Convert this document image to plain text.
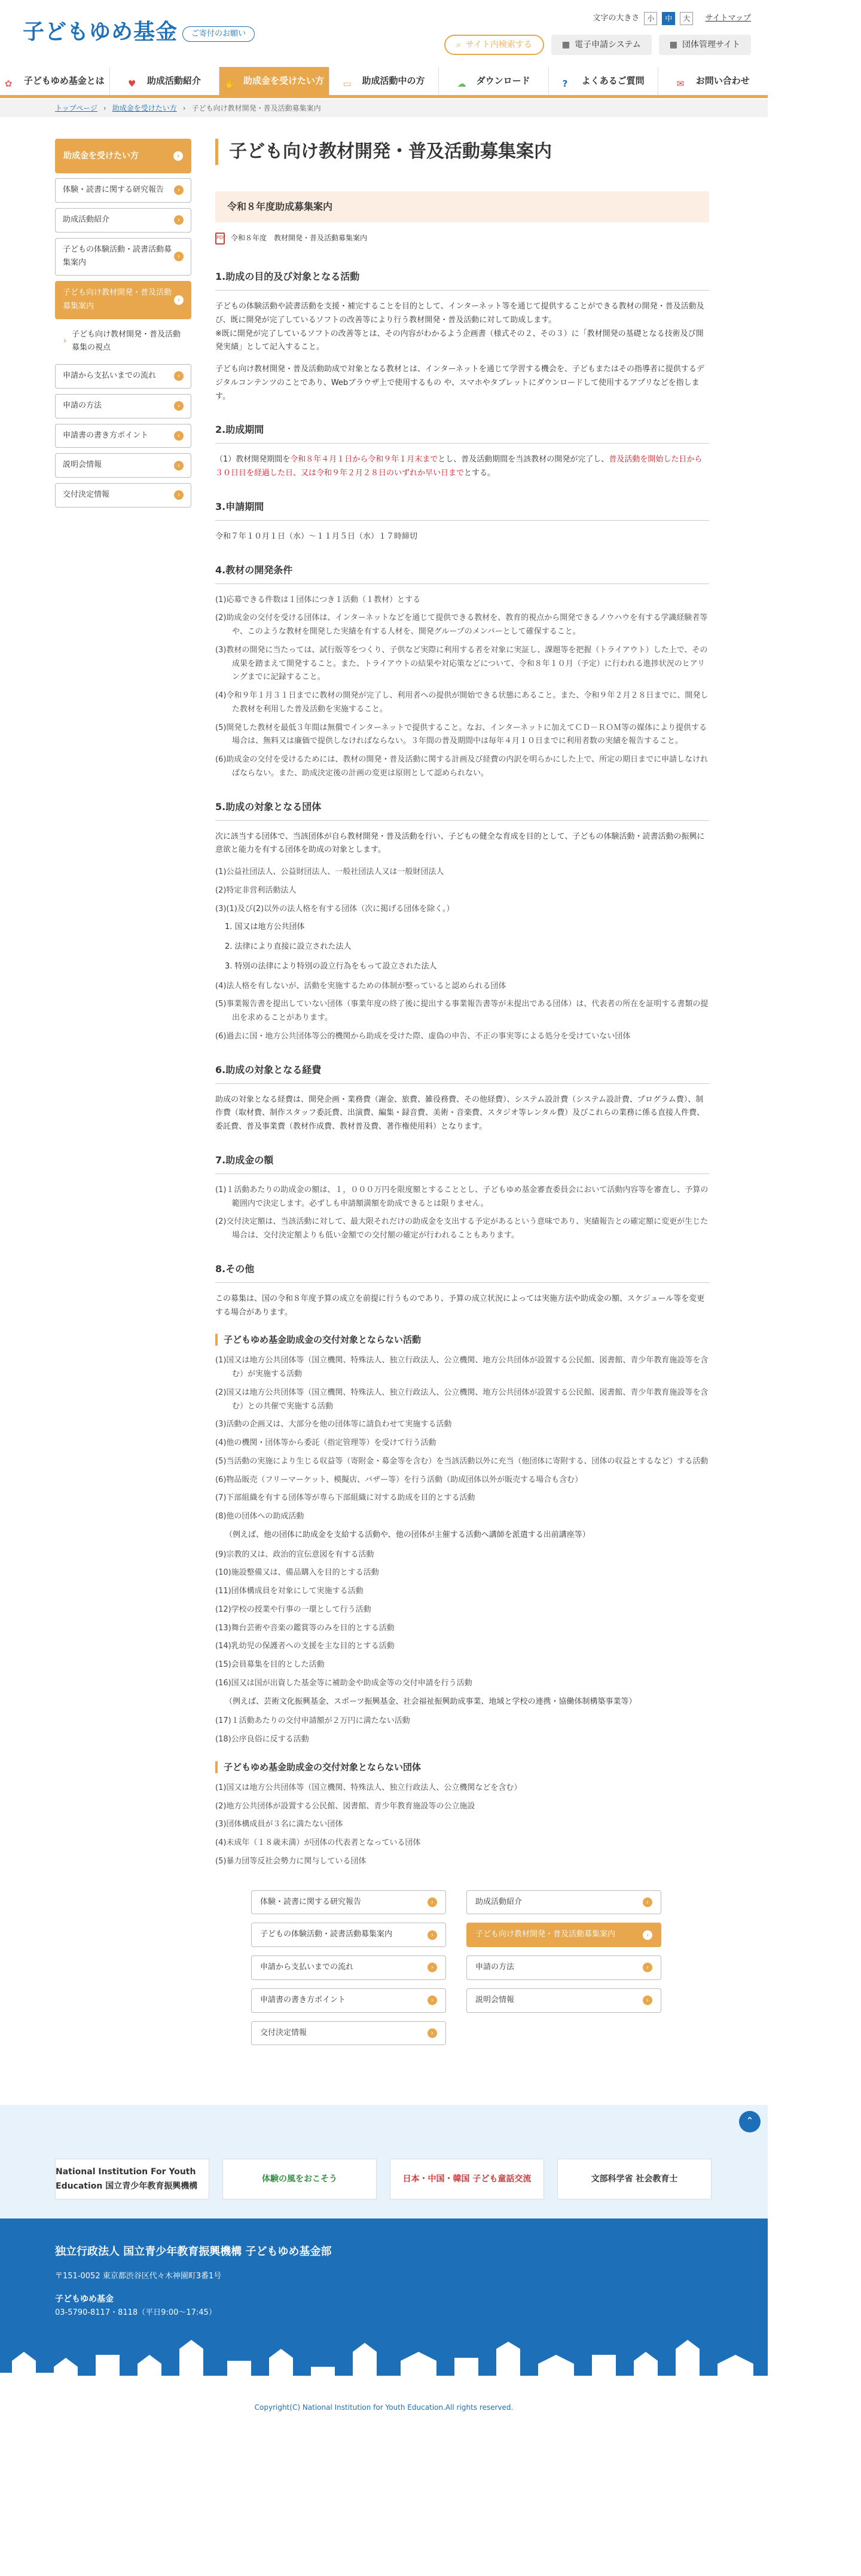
子どもゆめ基金	ご寄付のお願い
文字の大きさ	小	中	大	サイトマップ
⌕ サイト内検索する	▦ 電子申請システム	▦ 団体管理サイト
✿	子どもゆめ基金とは	♥	助成活動紹介	✋ 助成金を受けたい方 ▭	助成活動中の方	☁	ダウンロード	?	よくあるご質問	✉	お問い合わせ
トップページ › 助成金を受けたい方 › 子ども向け教材開発・普及活動募集案内
助成金を受けたい方	›
体験・読書に関する研究報告	›
助成活動紹介	›
子どもの体験活動・読書活動募集案内
›
子ども向け教材開発・普及活動募集案内
›
› 子ども向け教材開発・普及活動募集の視点
申請から支払いまでの流れ	›
申請の方法	›
申請書の書き方ポイント	›
説明会情報	›
交付決定情報	›
子ども向け教材開発・普及活動募集案内
令和８年度助成募集案内
PDF 令和８年度　教材開発・普及活動募集案内
1.助成の目的及び対象となる活動

子どもの体験活動や読書活動を支援・補完することを目的として、インターネット等を通じて提供することができる教材の開発・普及活動及び、既に開発が完了しているソフトの改善等により行う教材開発・普及活動に対して助成します。
※既に開発が完了しているソフトの改善等とは、その内容がわかるよう企画書（様式その２、その３）に「教材開発の基礎となる技術及び開発実績」として記入すること。

子ども向け教材開発・普及活動助成で対象となる教材とは、インターネットを通じて学習する機会を、子どもまたはその指導者に提供するデジタルコンテンツのことであり、Webブラウザ上で使用するもの や、スマホやタブレットにダウンロードして使用するアプリなどを指します。

2.助成期間

（1）教材開発期間を令和８年４月１日から令和９年１月末までとし、普及活動期間を当該教材の開発が完了し、普及活動を開始した日から３０日目を経過した日、又は令和９年２月２８日のいずれか早い日までとする。

3.申請期間

令和７年１０月１日（水）～１１月５日（水）１７時締切

4.教材の開発条件

(1)応募できる件数は１団体につき１活動（１教材）とする

(2)助成金の交付を受ける団体は、インターネットなどを通じて提供できる教材を、教育的視点から開発できるノウハウを有する学識経験者等や、このような教材を開発した実績を有する人材を、開発グループのメンバーとして確保すること。

(3)教材の開発に当たっては、試行版等をつくり、子供など実際に利用する者を対象に実証し、課題等を把握（トライアウト）した上で、その成果を踏まえて開発すること。また、トライアウトの結果や対応策などについて、令和８年１０月（予定）に行われる進捗状況のヒアリングまでに記録すること。

(4)令和９年１月３１日までに教材の開発が完了し、利用者への提供が開始できる状態にあること。また、令和９年２月２８日までに、開発した教材を利用した普及活動を実施すること。

(5)開発した教材を最低３年間は無償でインターネットで提供すること。なお、インターネットに加えてＣＤ－ＲＯＭ等の媒体により提供する場合は、無料又は廉価で提供しなければならない。３年間の普及期間中は毎年４月１０日までに利用者数の実績を報告すること。

(6)助成金の交付を受けるためには、教材の開発・普及活動に関する計画及び経費の内訳を明らかにした上で、所定の期日までに申請しなければならない。また、助成決定後の計画の変更は原則として認められない。

5.助成の対象となる団体

次に該当する団体で、当該団体が自ら教材開発・普及活動を行い、子どもの健全な育成を目的として、子どもの体験活動・読書活動の振興に意欲と能力を有する団体を助成の対象とします。

(1)公益社団法人、公益財団法人、一般社団法人又は一般財団法人

(2)特定非営利活動法人

(3)(1)及び(2)以外の法人格を有する団体（次に掲げる団体を除く。）

1. 国又は地方公共団体

2. 法律により直接に設立された法人

3. 特別の法律により特別の設立行為をもって設立された法人

(4)法人格を有しないが、活動を実施するための体制が整っていると認められる団体

(5)事業報告書を提出していない団体（事業年度の終了後に提出する事業報告書等が未提出である団体）は、代表者の所在を証明する書類の提出を求めることがあります。

(6)過去に国・地方公共団体等公的機関から助成を受けた際、虚偽の申告、不正の事実等による処分を受けていない団体

6.助成の対象となる経費

助成の対象となる経費は、開発企画・業務費（謝金、旅費、雑役務費、その他経費）、システム設計費（システム設計費、プログラム費）、制作費（取材費、制作スタッフ委託費、出演費、編集・録音費、美術・音楽費、スタジオ等レンタル費）及びこれらの業務に係る直接人件費、委託費、普及事業費（教材作成費、教材普及費、著作権使用料）となります。

7.助成金の額

(1)１活動あたりの助成金の額は、１，０００万円を限度額とすることとし、子どもゆめ基金審査委員会において活動内容等を審査し、予算の範囲内で決定します。必ずしも申請額満額を助成できるとは限りません。

(2)交付決定額は、当該活動に対して、最大限それだけの助成金を支出する予定があるという意味であり、実績報告との確定額に変更が生じた場合は、交付決定額よりも低い金額での交付額の確定が行われることもあります。

8.その他

この募集は、国の令和８年度予算の成立を前提に行うものであり、予算の成立状況によっては実施方法や助成金の額、スケジュール等を変更する場合があります。

子どもゆめ基金助成金の交付対象とならない活動

(1)国又は地方公共団体等（国立機関、特殊法人、独立行政法人、公立機関、地方公共団体が設置する公民館、図書館、青少年教育施設等を含む）が実施する活動

(2)国又は地方公共団体等（国立機関、特殊法人、独立行政法人、公立機関、地方公共団体が設置する公民館、図書館、青少年教育施設等を含む）との共催で実施する活動

(3)活動の企画又は、大部分を他の団体等に請負わせて実施する活動

(4)他の機関・団体等から委託（指定管理等）を受けて行う活動

(5)当活動の実施により生じる収益等（寄附金・募金等を含む）を当該活動以外に充当（他団体に寄附する、団体の収益とするなど）する活動

(6)物品販売（フリーマーケット、模擬店、バザー等）を行う活動（助成団体以外が販売する場合も含む）

(7)下部組織を有する団体等が専ら下部組織に対する助成を目的とする活動

(8)他の団体への助成活動

（例えば、他の団体に助成金を支給する活動や、他の団体が主催する活動へ講師を派遣する出前講座等）

(9)宗教的又は、政治的宣伝意図を有する活動

(10)施設整備又は、備品購入を目的とする活動

(11)団体構成員を対象にして実施する活動

(12)学校の授業や行事の一環として行う活動

(13)舞台芸術や音楽の鑑賞等のみを目的とする活動

(14)乳幼児の保護者への支援を主な目的とする活動

(15)会員募集を目的とした活動

(16)国又は国が出資した基金等に補助金や助成金等の交付申請を行う活動

（例えば、芸術文化振興基金、スポーツ振興基金、社会福祉振興助成事業、地域と学校の連携・協働体制構築事業等）

(17)１活動あたりの交付申請額が２万円に満たない活動

(18)公序良俗に反する活動

子どもゆめ基金助成金の交付対象とならない団体

(1)国又は地方公共団体等（国立機関、特殊法人、独立行政法人、公立機関などを含む）

(2)地方公共団体が設置する公民館、図書館、青少年教育施設等の公立施設

(3)団体構成員が３名に満たない団体

(4)未成年（１８歳未満）が団体の代表者となっている団体

(5)暴力団等反社会勢力に関与している団体

体験・読書に関する研究報告	›	助成活動紹介	›
子どもの体験活動・読書活動募集案内	›	子ども向け教材開発・普及活動募集案内	›
申請から支払いまでの流れ	›	申請の方法	›
申請書の書き方ポイント	›	説明会情報	›
交付決定情報	›
⌃
National Institution For Youth Education 国立青少年教育振興機構
体験の風をおこそう	日本・中国・韓国 子ども童話交流	文部科学省 社会教育士
独立行政法人 国立青少年教育振興機構 子どもゆめ基金部
〒151-0052 東京都渋谷区代々木神園町3番1号
子どもゆめ基金
03-5790-8117・8118（平日9:00～17:45）
Copyright(C) National Institution for Youth Education.All rights reserved.
